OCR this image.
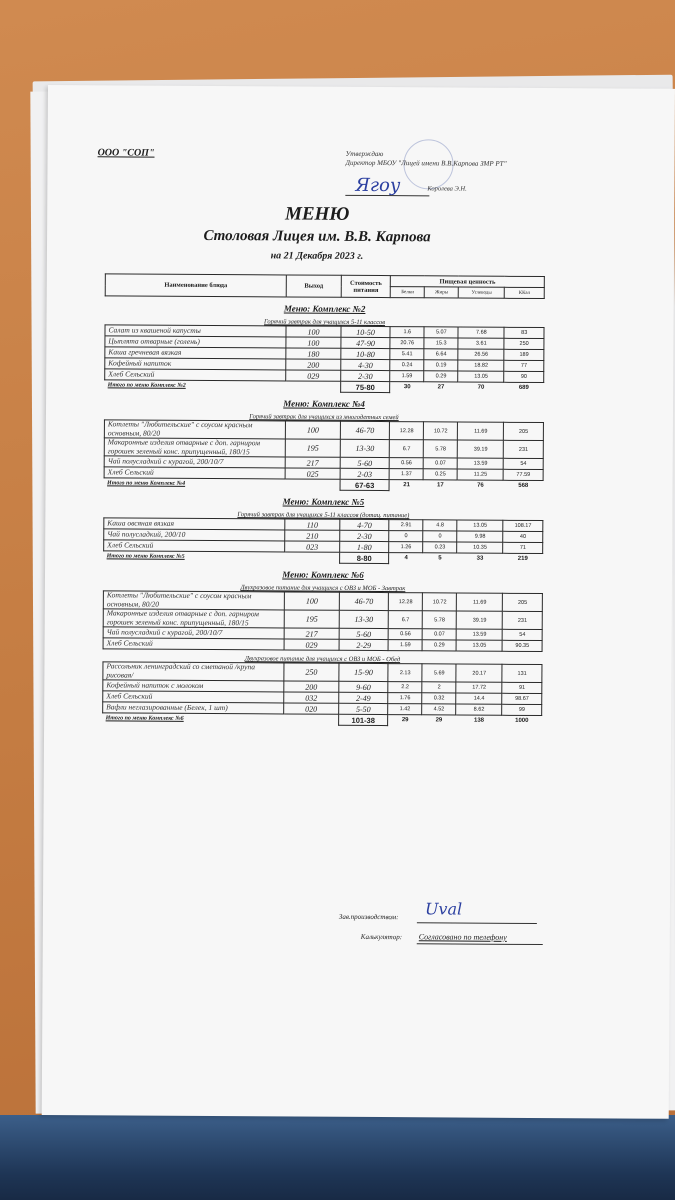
ООО "СОП"	Утверждаю
Директор МБОУ "Лицей имени В.В.Карпова ЗМР РТ"
Ягоу	Королева Э.Н.
МЕНЮ
Столовая Лицея им. В.В. Карпова
на 21 Декабря 2023 г.
Наименование блюда	Выход	Стоимость питания	Пищевая ценность			
			Белки	Жиры	Углеводы	ККал
Меню: Комплекс №2						
Горячий завтрак для учащихся 5-11 классов						
Салат из квашеной капусты	100	10-50	1.6	5.07	7.68	83
Цыплята отварные (голень)	100	47-90	20.76	15.3	3.61	250
Каша гречневая вязкая	180	10-80	5.41	6.64	26.56	189
Кофейный напиток	200	4-30	0.24	0.19	18.82	77
Хлеб Сельский	029	2-30	1.59	0.29	13.05	90
Итого по меню Комплекс №2		75-80	30	27	70	689
Меню: Комплекс №4						
Горячий завтрак для учащихся из многодетных семей						
Котлеты "Любительские" с соусом красным основным, 80/20	100	46-70	12.28	10.72	11.69	205
Макаронные изделия отварные с доп. гарниром горошек зеленый конс. припущенный, 180/15	195	13-30	6.7	5.78	39.19	231
Чай полусладкий с курагой, 200/10/7	217	5-60	0.56	0.07	13.59	54
Хлеб Сельский	025	2-03	1.37	0.25	11.25	77.59
Итого по меню Комплекс №4		67-63	21	17	76	568
Меню: Комплекс №5						
Горячий завтрак для учащихся 5-11 классов (дотац. питание)						
Каша овсяная вязкая	110	4-70	2.91	4.8	13.05	108.17
Чай полусладкий, 200/10	210	2-30	0	0	9.98	40
Хлеб Сельский	023	1-80	1.26	0.23	10.35	71
Итого по меню Комплекс №5		8-80	4	5	33	219
Меню: Комплекс №6						
Двухразовое питание для учащихся с ОВЗ и МОБ - Завтрак						
Котлеты "Любительские" с соусом красным основным, 80/20	100	46-70	12.28	10.72	11.69	205
Макаронные изделия отварные с доп. гарниром горошек зеленый конс. припущенный, 180/15	195	13-30	6.7	5.78	39.19	231
Чай полусладкий с курагой, 200/10/7	217	5-60	0.56	0.07	13.59	54
Хлеб Сельский	029	2-29	1.59	0.29	13.05	90.35
Двухразовое питание для учащихся с ОВЗ и МОБ - Обед						
Рассольник ленинградский со сметаной /крупа рисовая/	250	15-90	2.13	5.69	20.17	131
Кофейный напиток с молоком	200	9-60	2.2	2	17.72	91
Хлеб Сельский	032	2-49	1.76	0.32	14.4	98.67
Вафли неглазированные (Белек, 1 шт)	020	5-50	1.42	4.52	8.62	99
Итого по меню Комплекс №6		101-38	29	29	138	1000
Зав.производством: Uval
Калькулятор: Согласовано по телефону
